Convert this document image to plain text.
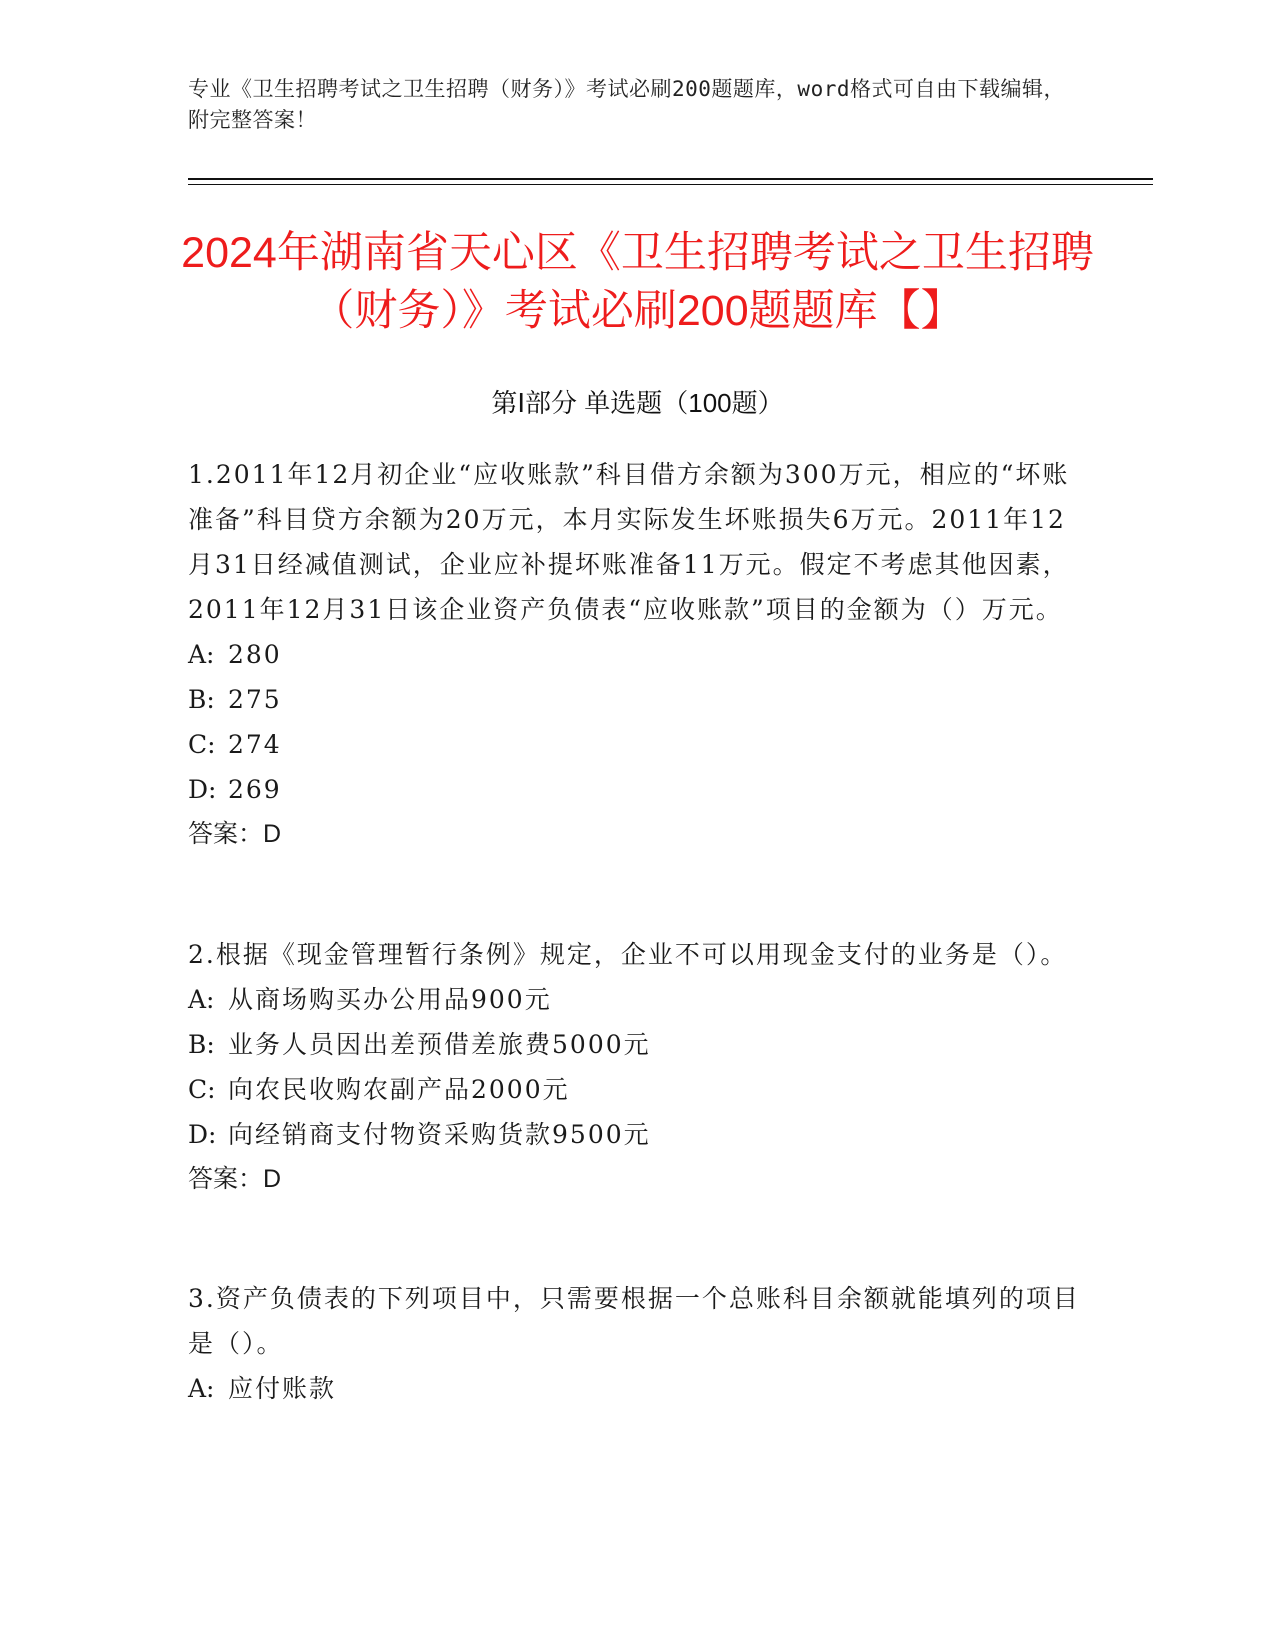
专业《卫生招聘考试之卫生招聘（财务）》考试必刷200题题库，word格式可自由下载编辑，附完整答案！
2024年湖南省天心区《卫生招聘考试之卫生招聘（财务）》考试必刷200题题库【】
第Ⅰ部分 单选题（100题）

1.2011年12月初企业“应收账款”科目借方余额为300万元，相应的“坏账准备”科目贷方余额为20万元，本月实际发生坏账损失6万元。2011年12月31日经减值测试，企业应补提坏账准备11万元。假定不考虑其他因素，2011年12月31日该企业资产负债表“应收账款”项目的金额为（）万元。

A: 280

B: 275

C: 274

D: 269

答案：D

2.根据《现金管理暂行条例》规定，企业不可以用现金支付的业务是（）。

A: 从商场购买办公用品900元

B: 业务人员因出差预借差旅费5000元

C: 向农民收购农副产品2000元

D: 向经销商支付物资采购货款9500元

答案：D

3.资产负债表的下列项目中，只需要根据一个总账科目余额就能填列的项目是（）。

A: 应付账款
